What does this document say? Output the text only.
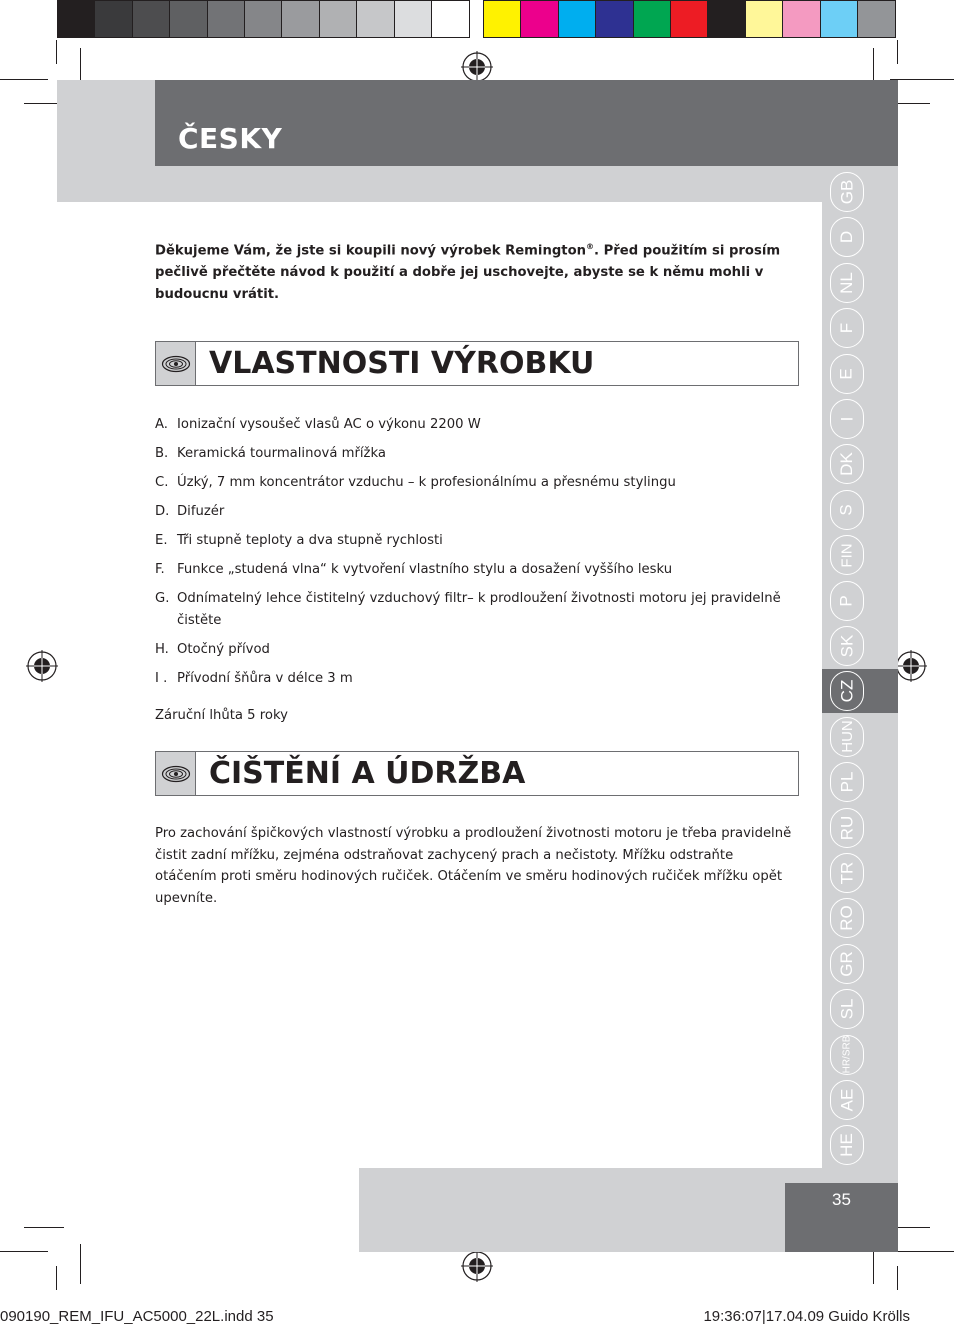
ČESKY
GB
D
NL
F
E
I
DK
S
FIN
P
SK
CZ
HUN
PL
RU
TR
RO
GR
SL
HR/SRB
AE
HE
Děkujeme Vám, že jste si koupili nový výrobek Remington®. Před použitím si prosím pečlivě přečtěte návod k použití a dobře jej uschovejte, abyste se k němu mohli v budoucnu vrátit.
VLASTNOSTI VÝROBKU
A. Ionizační vysoušeč vlasů AC o výkonu 2200 W
B. Keramická tourmalinová mřížka
C. Úzký, 7 mm koncentrátor vzduchu – k profesionálnímu a přesnému stylingu
D. Difuzér
E. Tři stupně teploty a dva stupně rychlosti
F. Funkce „studená vlna“ k vytvoření vlastního stylu a dosažení vyššího lesku
G. Odnímatelný lehce čistitelný vzduchový filtr– k prodloužení životnosti motoru jej pravidelně čistěte
H. Otočný přívod
I . Přívodní šňůra v délce 3 m
Záruční lhůta 5 roky
ČIŠTĚNÍ A ÚDRŽBA
Pro zachování špičkových vlastností výrobku a prodloužení životnosti motoru je třeba pravidelně čistit zadní mřížku, zejména odstraňovat zachycený prach a nečistoty. Mřížku odstraňte otáčením proti směru hodinových ručiček. Otáčením ve směru hodinových ručiček mřížku opět upevníte.
35
090190_REM_IFU_AC5000_22L.indd 35	19:36:07|17.04.09 Guido Krölls
